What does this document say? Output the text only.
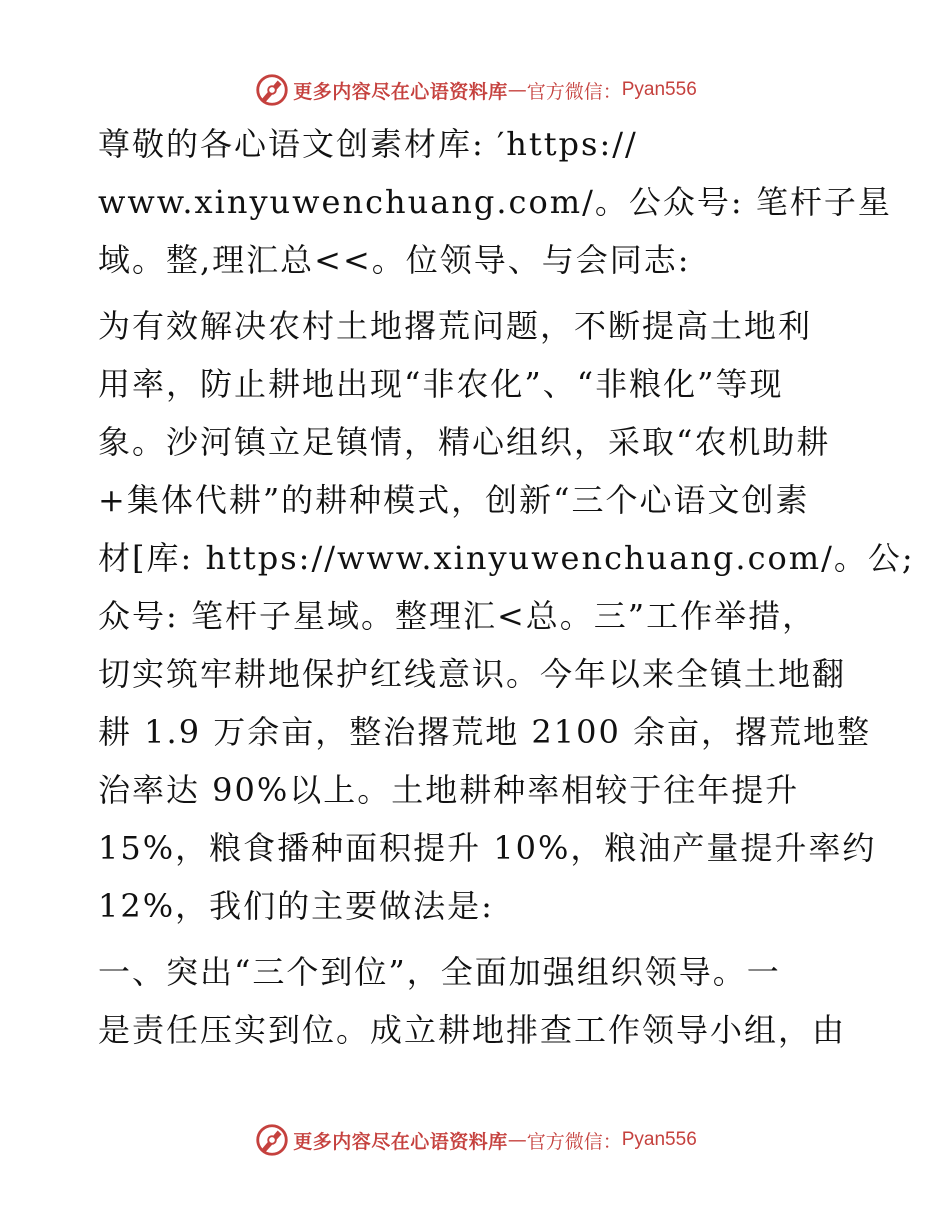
更多内容尽在心语资料库 — 官方微信： Pyan556
尊敬的各心语文创素材库: ′https://
www.xinyuwenchuang.com/。公众号: 笔杆子星
域。整,理汇总<<。位领导、与会同志:
为有效解决农村土地撂荒问题，不断提高土地利
用率，防止耕地出现“非农化”、“非粮化”等现
象。沙河镇立足镇情，精心组织，采取“农机助耕
+集体代耕”的耕种模式，创新“三个心语文创素
材[库: https://www.xinyuwenchuang.com/。公;
众号: 笔杆子星域。整理汇<总。三”工作举措，
切实筑牢耕地保护红线意识。今年以来全镇土地翻
耕 1.9 万余亩，整治撂荒地 2100 余亩，撂荒地整
治率达 90%以上。土地耕种率相较于往年提升
15%，粮食播种面积提升 10%，粮油产量提升率约
12%，我们的主要做法是:
一、突出“三个到位”，全面加强组织领导。一
是责任压实到位。成立耕地排查工作领导小组，由
更多内容尽在心语资料库 — 官方微信： Pyan556
